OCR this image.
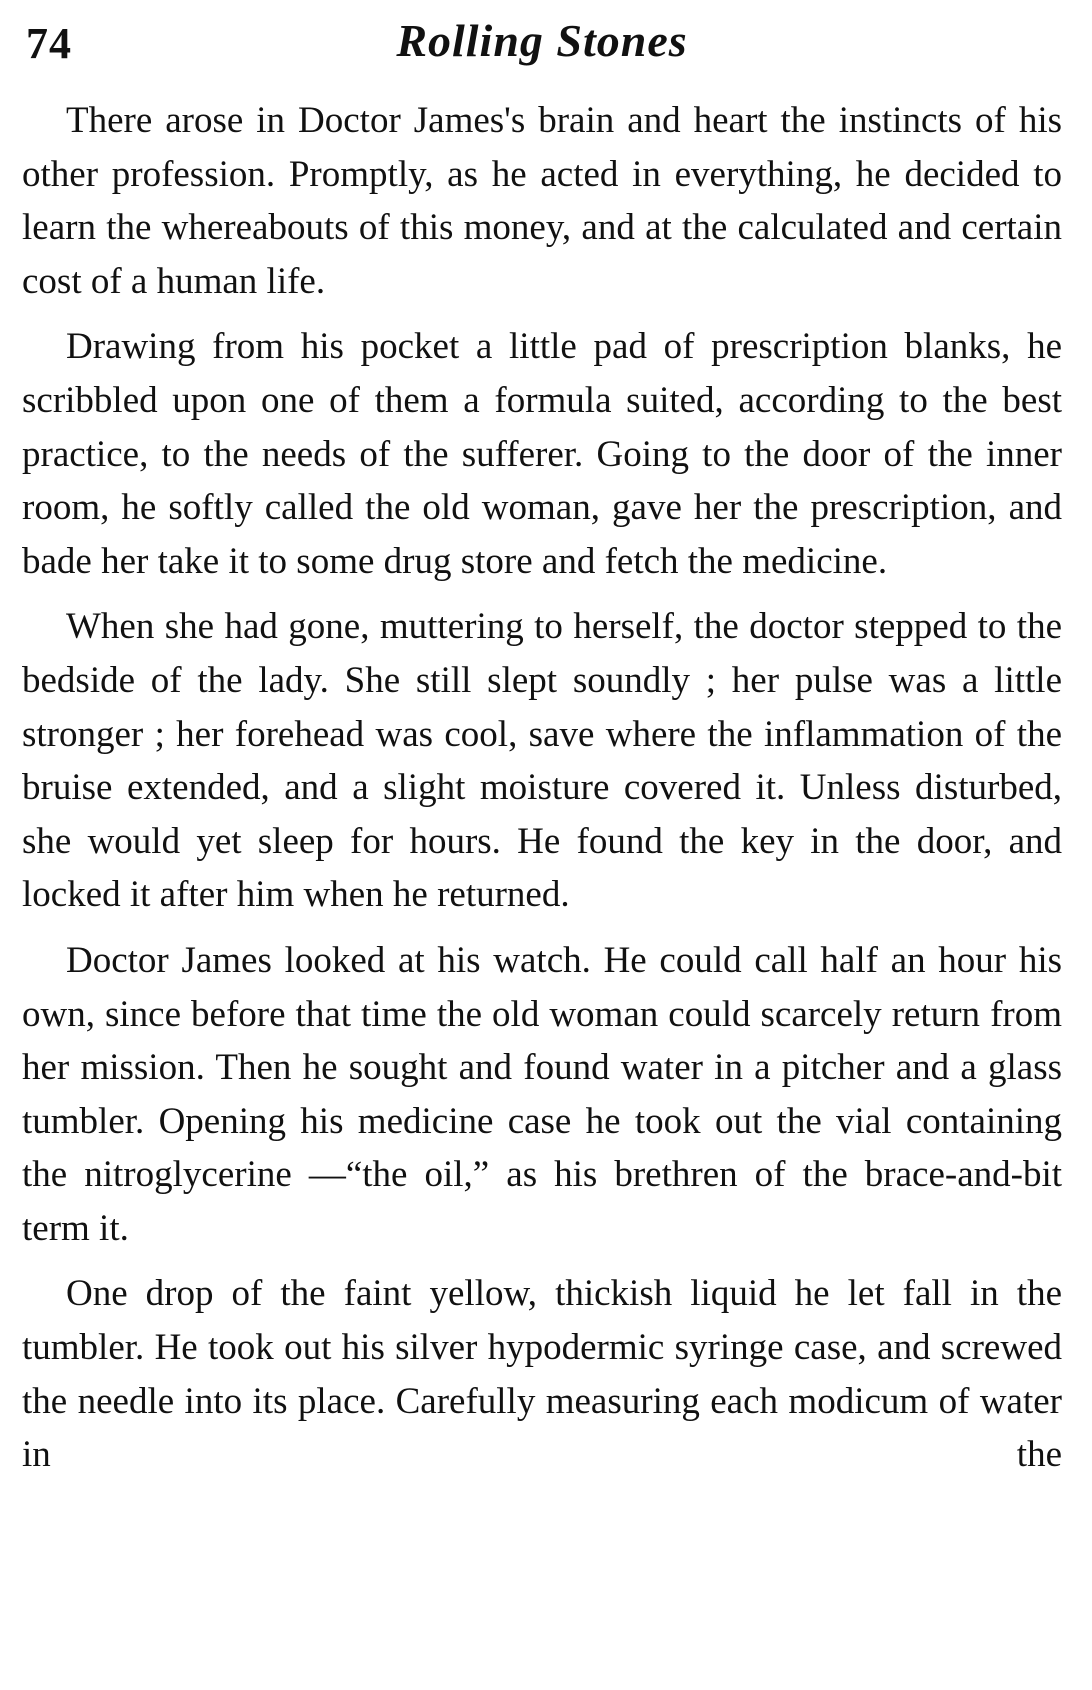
74	Rolling Stones

There arose in Doctor James's brain and heart the instincts of his other profession. Promptly, as he acted in everything, he decided to learn the whereabouts of this money, and at the calculated and certain cost of a human life.

Drawing from his pocket a little pad of prescription blanks, he scribbled upon one of them a formula suited, according to the best practice, to the needs of the sufferer. Going to the door of the inner room, he softly called the old woman, gave her the prescription, and bade her take it to some drug store and fetch the medicine.

When she had gone, muttering to herself, the doctor stepped to the bedside of the lady. She still slept soundly ; her pulse was a little stronger ; her forehead was cool, save where the inflammation of the bruise extended, and a slight moisture covered it. Unless disturbed, she would yet sleep for hours. He found the key in the door, and locked it after him when he returned.

Doctor James looked at his watch. He could call half an hour his own, since before that time the old woman could scarcely return from her mission. Then he sought and found water in a pitcher and a glass tumbler. Opening his medicine case he took out the vial containing the nitroglycerine —“the oil,” as his brethren of the brace-and-bit term it.

One drop of the faint yellow, thickish liquid he let fall in the tumbler. He took out his silver hypodermic syringe case, and screwed the needle into its place. Carefully measuring each modicum of water in the
